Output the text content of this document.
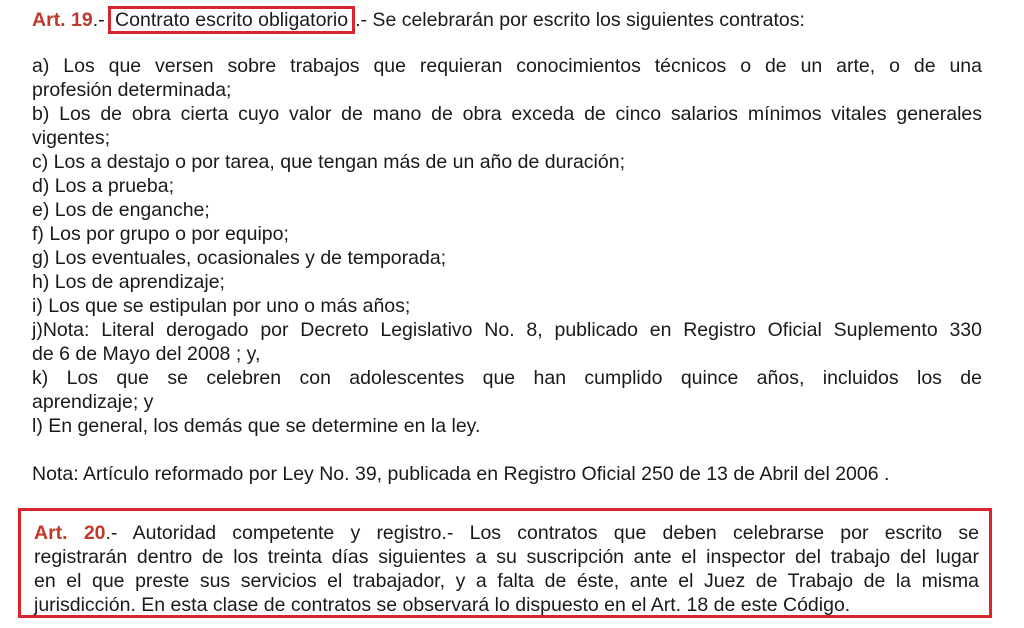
Art. 19.- Contrato escrito obligatorio .- Se celebrarán por escrito los siguientes contratos:
a) Los que versen sobre trabajos que requieran conocimientos técnicos o de un arte, o de una
profesión determinada;
b) Los de obra cierta cuyo valor de mano de obra exceda de cinco salarios mínimos vitales generales
vigentes;
c) Los a destajo o por tarea, que tengan más de un año de duración;
d) Los a prueba;
e) Los de enganche;
f) Los por grupo o por equipo;
g) Los eventuales, ocasionales y de temporada;
h) Los de aprendizaje;
i) Los que se estipulan por uno o más años;
j)Nota: Literal derogado por Decreto Legislativo No. 8, publicado en Registro Oficial Suplemento 330
de 6 de Mayo del 2008 ; y,
k) Los que se celebren con adolescentes que han cumplido quince años, incluidos los de
aprendizaje; y
l) En general, los demás que se determine en la ley.
Nota: Artículo reformado por Ley No. 39, publicada en Registro Oficial 250 de 13 de Abril del 2006 .
Art. 20.- Autoridad competente y registro.- Los contratos que deben celebrarse por escrito se
registrarán dentro de los treinta días siguientes a su suscripción ante el inspector del trabajo del lugar
en el que preste sus servicios el trabajador, y a falta de éste, ante el Juez de Trabajo de la misma
jurisdicción. En esta clase de contratos se observará lo dispuesto en el Art. 18 de este Código.
